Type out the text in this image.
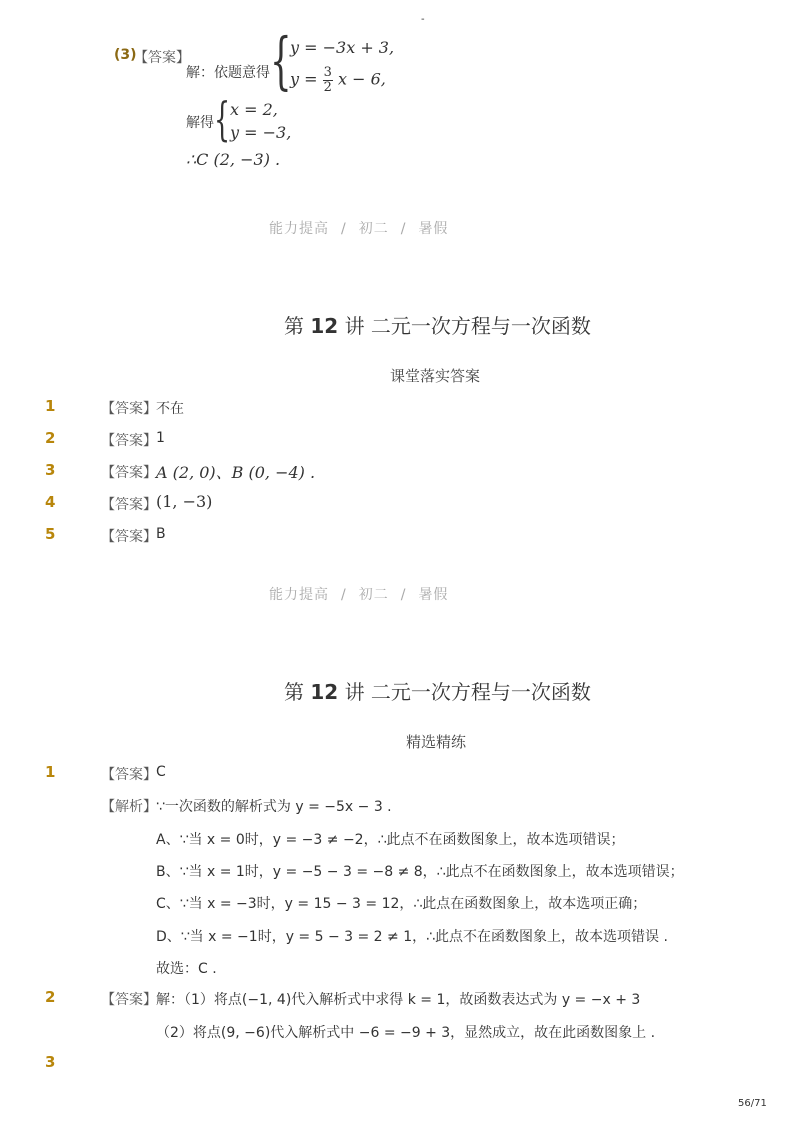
-
(3)
【答案】
解：依题意得 {
y = −3x + 3,
$y = \frac{3}{2}$ x − 6,
解得 { x = 2,
y = −3,
∴C (2, −3) .
能力提高 / 初二 / 暑假
第 12 讲 二元一次方程与一次函数
课堂落实答案
1	【答案】 不在
2	【答案】 1
3	【答案】 A (2, 0)、B (0, −4) .
4	【答案】 (1, −3)
5	【答案】 B
能力提高 / 初二 / 暑假
第 12 讲 二元一次方程与一次函数
精选精练
1	【答案】 C
【解析】 ∵一次函数的解析式为 y = −5x − 3 .
A、∵当 x = 0时，y = −3 ≠ −2，∴此点不在函数图象上，故本选项错误；
B、∵当 x = 1时，y = −5 − 3 = −8 ≠ 8，∴此点不在函数图象上，故本选项错误；
C、∵当 x = −3时，y = 15 − 3 = 12，∴此点在函数图象上，故本选项正确；
D、∵当 x = −1时，y = 5 − 3 = 2 ≠ 1，∴此点不在函数图象上，故本选项错误 .
故选：C .
2	【答案】 解：（1）将点(−1, 4)代入解析式中求得 k = 1，故函数表达式为 y = −x + 3
（2）将点(9, −6)代入解析式中 −6 = −9 + 3，显然成立，故在此函数图象上 .
3
56/71
